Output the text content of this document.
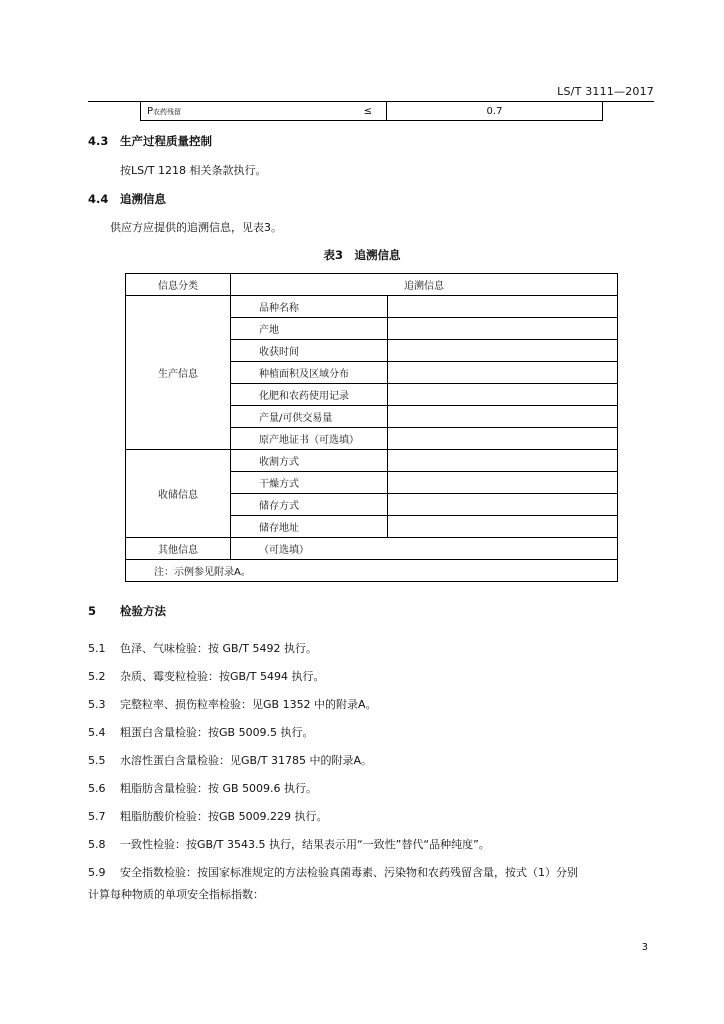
LS/T 3111—2017
P农药残留	≤	0.7
4.3 生产过程质量控制
按LS/T 1218 相关条款执行。
4.4 追溯信息
供应方应提供的追溯信息，见表3。
表3　追溯信息
信息分类	追溯信息	
生产信息	品种名称	
	产地	
	收获时间	
	种植面积及区域分布	
	化肥和农药使用记录	
	产量/可供交易量	
	原产地证书（可选填）	
收储信息	收割方式	
	干燥方式	
	储存方式	
	储存地址	
其他信息	（可选填）	
注：示例参见附录A。		
5 检验方法
5.1 色泽、气味检验：按 GB/T 5492 执行。
5.2 杂质、霉变粒检验：按GB/T 5494 执行。
5.3 完整粒率、损伤粒率检验：见GB 1352 中的附录A。
5.4 粗蛋白含量检验：按GB 5009.5 执行。
5.5 水溶性蛋白含量检验：见GB/T 31785 中的附录A。
5.6 粗脂肪含量检验：按 GB 5009.6 执行。
5.7 粗脂肪酸价检验：按GB 5009.229 执行。
5.8 一致性检验：按GB/T 3543.5 执行，结果表示用“一致性”替代“品种纯度”。
5.9 安全指数检验：按国家标准规定的方法检验真菌毒素、污染物和农药残留含量，按式（1）分别
计算每种物质的单项安全指标指数：
3
